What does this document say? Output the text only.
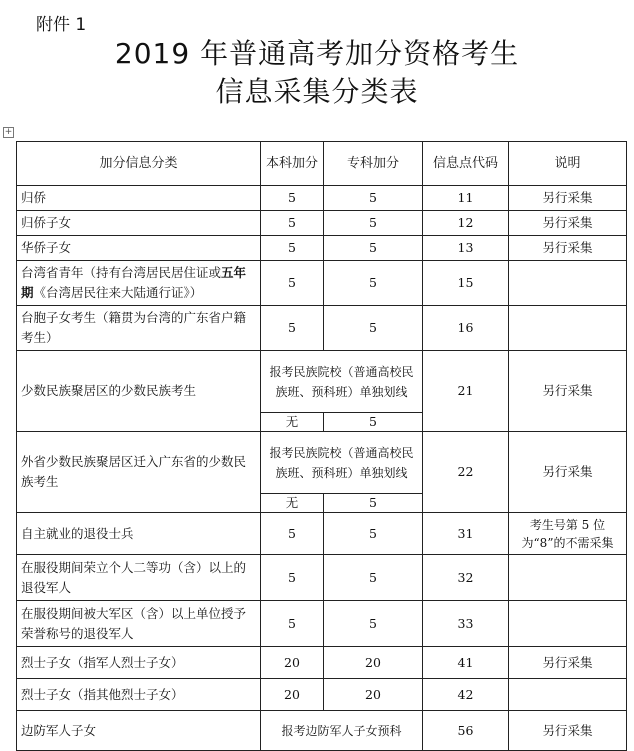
附件 1
2019 年普通高考加分资格考生
信息采集分类表
+
加分信息分类	本科加分	专科加分	信息点代码	说明
归侨	5	5	11	另行采集
归侨子女	5	5	12	另行采集
华侨子女	5	5	13	另行采集
台湾省青年（持有台湾居民居住证或五年期《台湾居民往来大陆通行证》）	5	5	15	
台胞子女考生（籍贯为台湾的广东省户籍考生）	5	5	16	
少数民族聚居区的少数民族考生	报考民族院校（普通高校民族班、预科班）单独划线		21	另行采集
	无	5		
外省少数民族聚居区迁入广东省的少数民族考生	报考民族院校（普通高校民族班、预科班）单独划线		22	另行采集
	无	5		
自主就业的退役士兵	5	5	31	考生号第 5 位为“8”的不需采集
在服役期间荣立个人二等功（含）以上的退役军人	5	5	32	
在服役期间被大军区（含）以上单位授予荣誉称号的退役军人	5	5	33	
烈士子女（指军人烈士子女）	20	20	41	另行采集
烈士子女（指其他烈士子女）	20	20	42	
边防军人子女	报考边防军人子女预科		56	另行采集
